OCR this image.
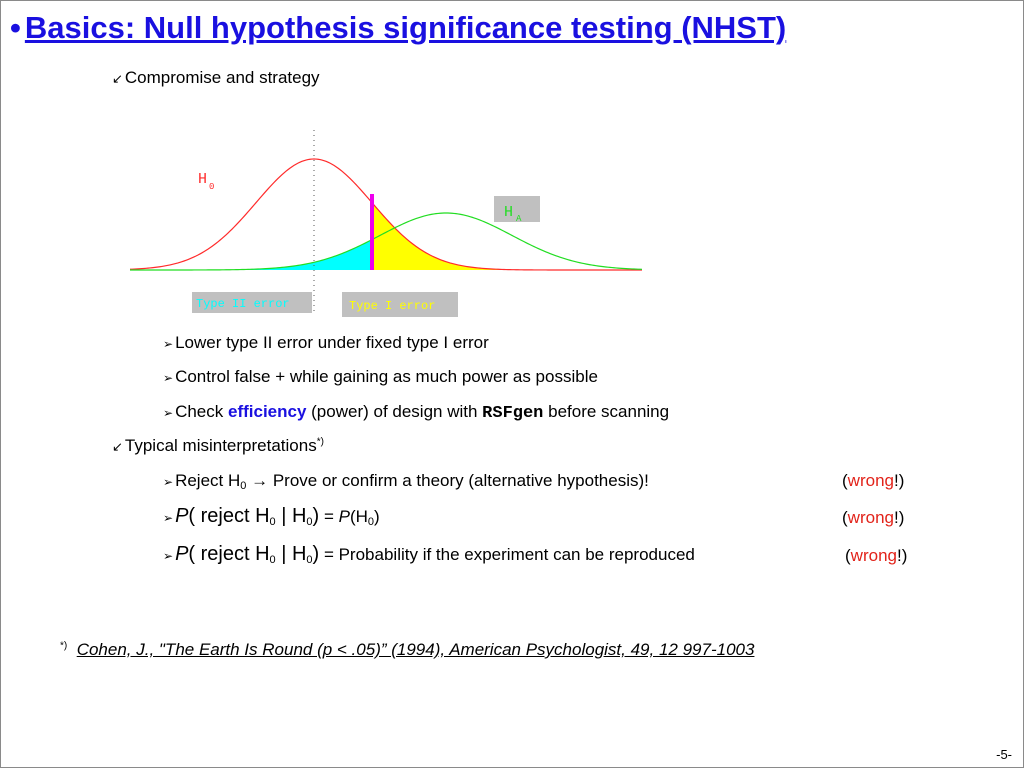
• Basics: Null hypothesis significance testing (NHST)
↙ Compromise and strategy
H 0
H A
Type II error	Type I error
➢ Lower type II error under fixed type I error
➢ Control false + while gaining as much power as possible
➢ Check efficiency (power) of design with RSFgen before scanning
↙ Typical misinterpretations*)
➢ Reject $H_0$ → Prove or confirm a theory (alternative hypothesis)!	(wrong!)
➢ P( reject $H_0$ | $H_0) = P(H_0)$	(wrong!)
➢ P( reject $H_0$ | $H_0$) = Probability if the experiment can be reproduced	(wrong!)
*) Cohen, J., "The Earth Is Round (p < .05)” (1994), American Psychologist, 49, 12 997-1003
-5-
